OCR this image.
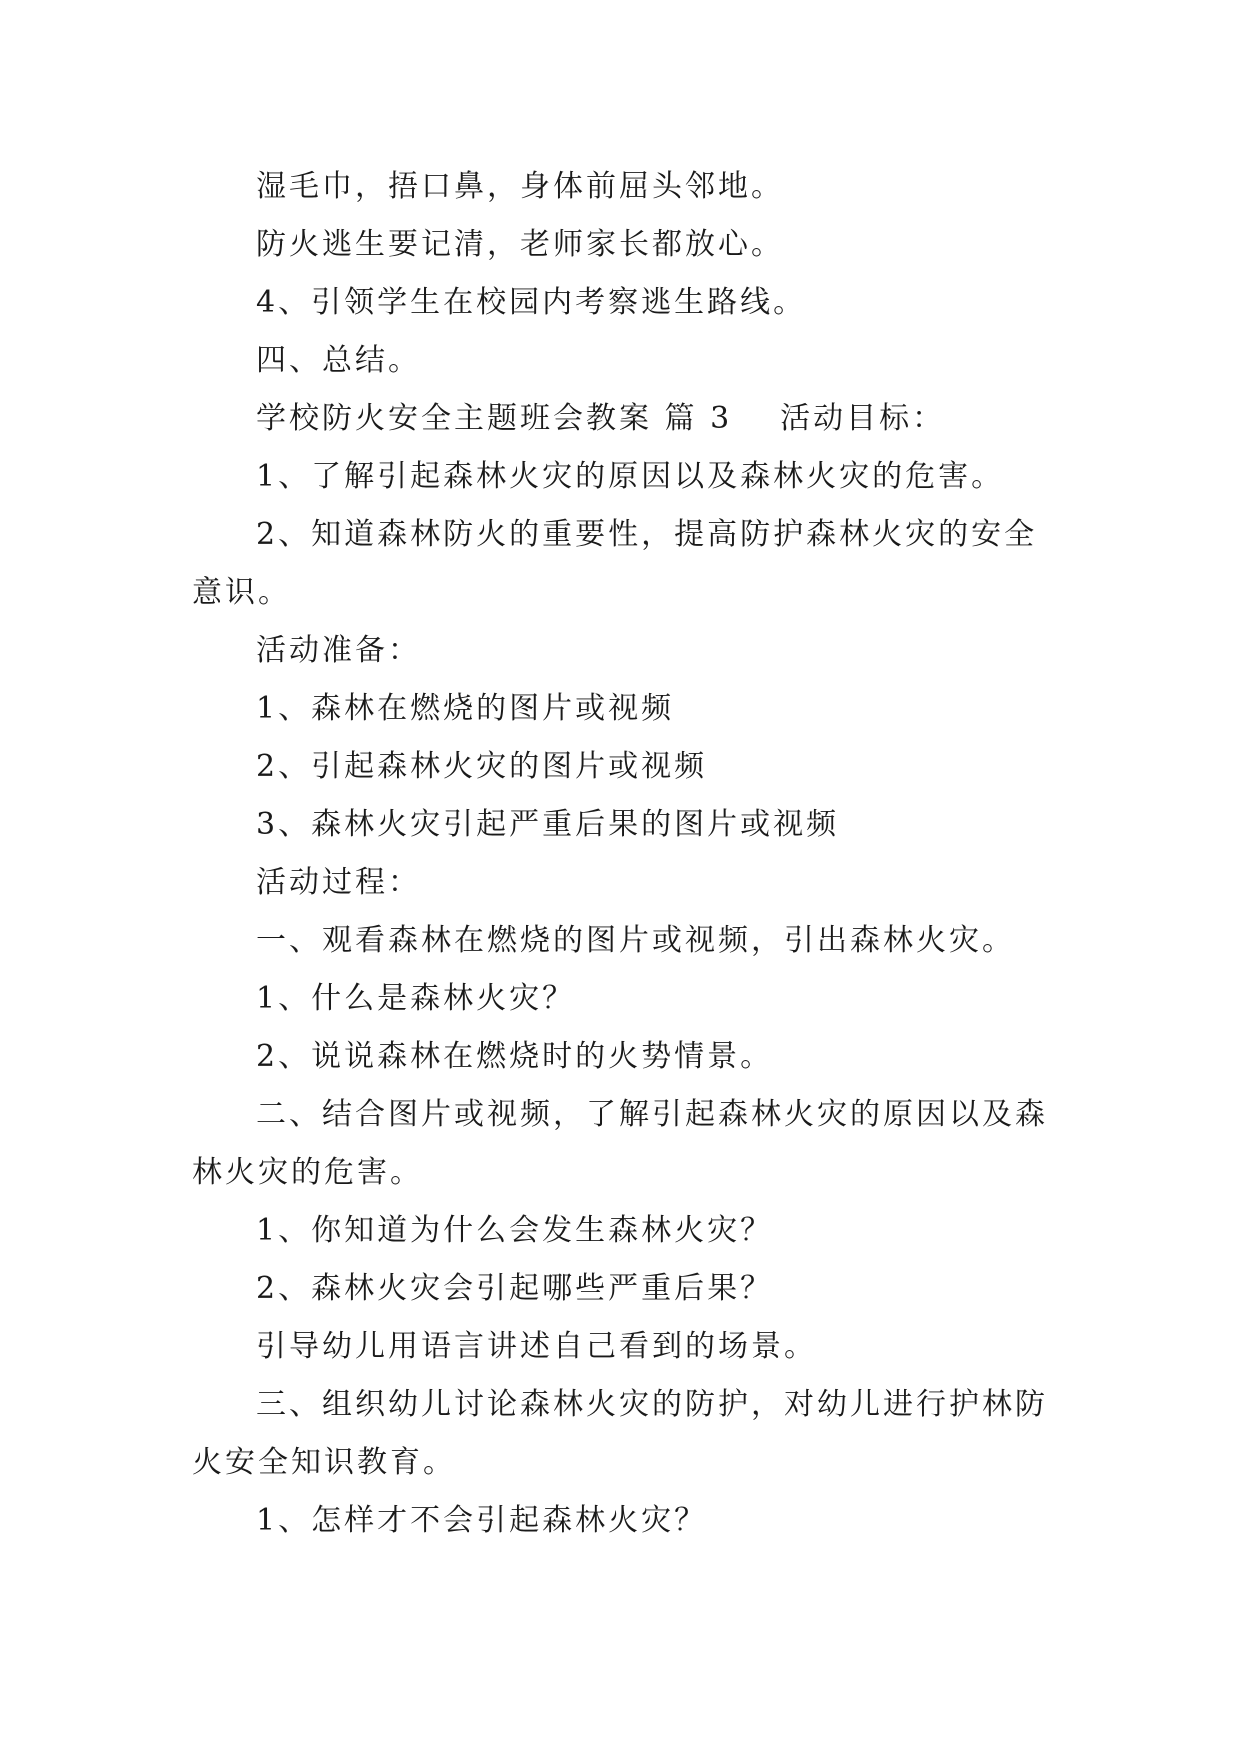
湿毛巾，捂口鼻，身体前屈头邻地。
防火逃生要记清，老师家长都放心。
4、引领学生在校园内考察逃生路线。
四、总结。
学校防火安全主题班会教案 篇 3 活动目标：
1、了解引起森林火灾的原因以及森林火灾的危害。
2、知道森林防火的重要性，提高防护森林火灾的安全
意识。
活动准备：
1、森林在燃烧的图片或视频
2、引起森林火灾的图片或视频
3、森林火灾引起严重后果的图片或视频
活动过程：
一、观看森林在燃烧的图片或视频，引出森林火灾。
1、什么是森林火灾？
2、说说森林在燃烧时的火势情景。
二、结合图片或视频，了解引起森林火灾的原因以及森
林火灾的危害。
1、你知道为什么会发生森林火灾？
2、森林火灾会引起哪些严重后果？
引导幼儿用语言讲述自己看到的场景。
三、组织幼儿讨论森林火灾的防护，对幼儿进行护林防
火安全知识教育。
1、怎样才不会引起森林火灾？
